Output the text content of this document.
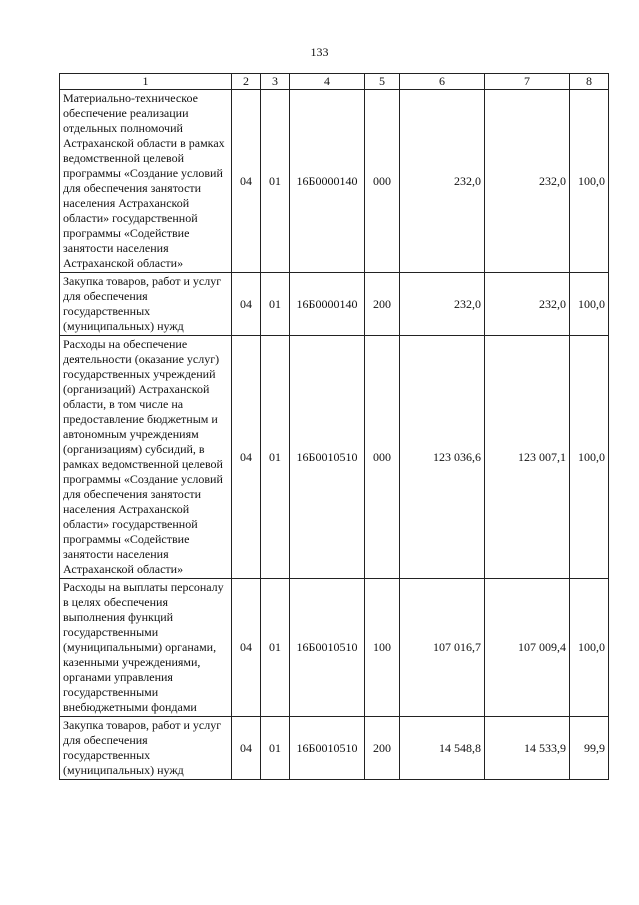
133
1	2	3	4	5	6	7	8
Материально-техническое обеспечение реализации отдельных полномочий Астраханской области в рамках ведомственной целевой программы «Создание условий для обеспечения занятости населения Астраханской области» государственной программы «Содействие занятости населения Астраханской области»	04	01	16Б0000140	000	232,0	232,0	100,0
Закупка товаров, работ и услуг для обеспечения государственных (муниципальных) нужд	04	01	16Б0000140	200	232,0	232,0	100,0
Расходы на обеспечение деятельности (оказание услуг) государственных учреждений (организаций) Астраханской области, в том числе на предоставление бюджетным и автономным учреждениям (организациям) субсидий, в рамках ведомственной целевой программы «Создание условий для обеспечения занятости населения Астраханской области» государственной программы «Содействие занятости населения Астраханской области»	04	01	16Б0010510	000	123 036,6	123 007,1	100,0
Расходы на выплаты персоналу в целях обеспечения выполнения функций государственными (муниципальными) органами, казенными учреждениями, органами управления государственными внебюджетными фондами	04	01	16Б0010510	100	107 016,7	107 009,4	100,0
Закупка товаров, работ и услуг для обеспечения государственных (муниципальных) нужд	04	01	16Б0010510	200	14 548,8	14 533,9	99,9
